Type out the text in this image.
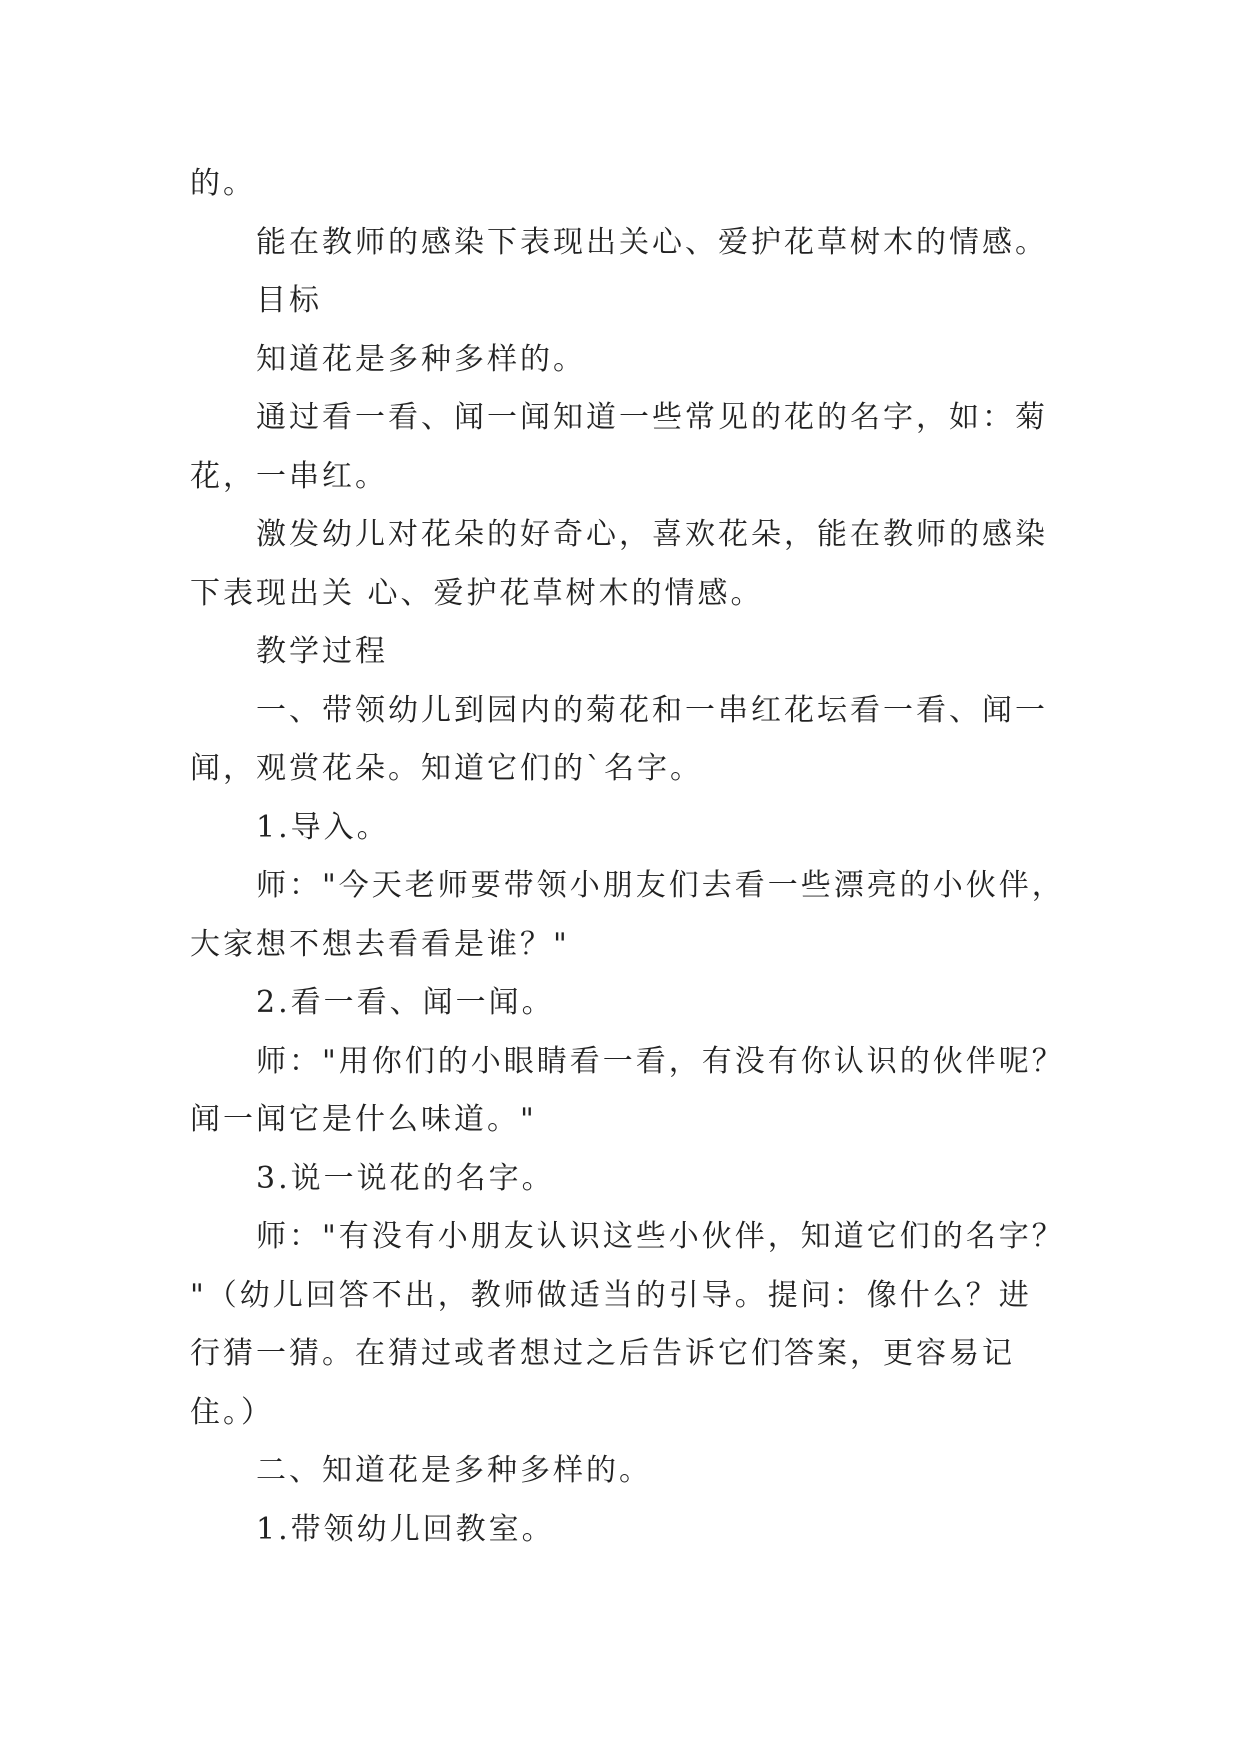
的。

能在教师的感染下表现出关心、爱护花草树木的情感。

目标

知道花是多种多样的。

通过看一看、闻一闻知道一些常见的花的名字，如：菊

花，一串红。

激发幼儿对花朵的好奇心，喜欢花朵，能在教师的感染

下表现出关 心、爱护花草树木的情感。

教学过程

一、带领幼儿到园内的菊花和一串红花坛看一看、闻一

闻，观赏花朵。知道它们的`名字。

1.导入。

师："今天老师要带领小朋友们去看一些漂亮的小伙伴，

大家想不想去看看是谁？"

2.看一看、闻一闻。

师："用你们的小眼睛看一看，有没有你认识的伙伴呢？

闻一闻它是什么味道。"

3.说一说花的名字。

师："有没有小朋友认识这些小伙伴，知道它们的名字？

"（幼儿回答不出，教师做适当的引导。提问：像什么？进

行猜一猜。在猜过或者想过之后告诉它们答案，更容易记

住。）

二、知道花是多种多样的。

1.带领幼儿回教室。
